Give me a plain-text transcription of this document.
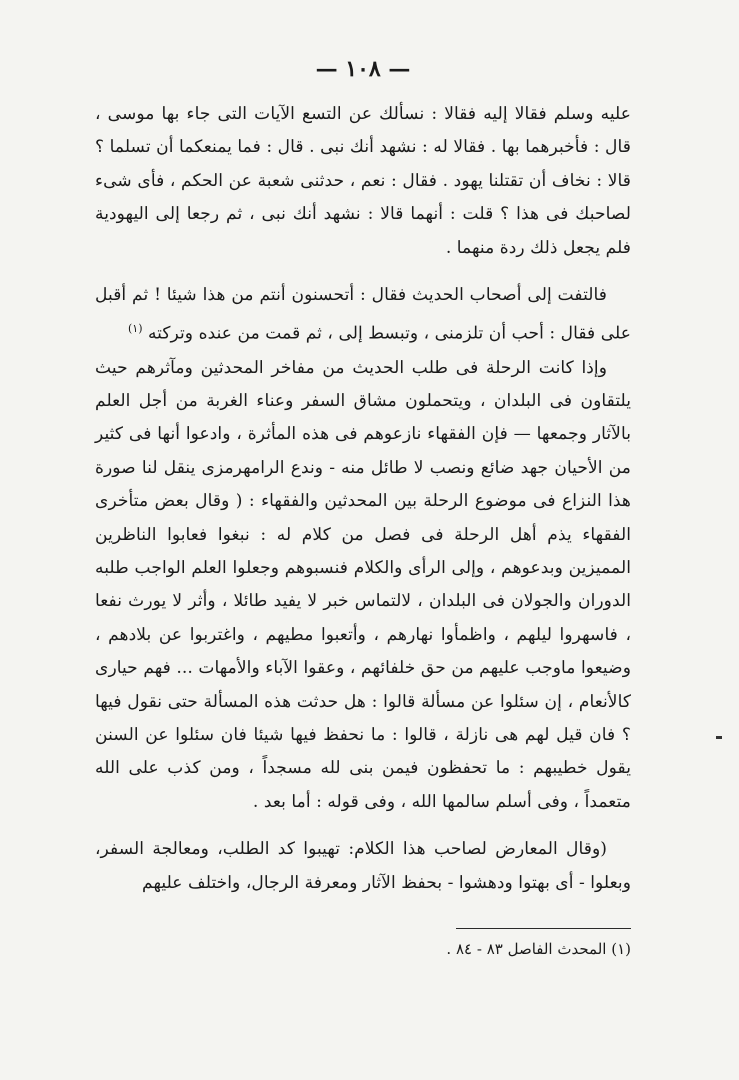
— ١٠٨ —

عليه وسلم فقالا إليه فقالا : نسألك عن التسع الآيات التى جاء بها موسى ، قال : فأخبرهما بها . فقالا له : نشهد أنك نبى . قال : فما يمنعكما أن تسلما ؟ قالا : نخاف أن تقتلنا يهود . فقال : نعم ، حدثنى شعبة عن الحكم ، فأى شىء لصاحبك فى هذا ؟ قلت : أنهما قالا : نشهد أنك نبى ، ثم رجعا إلى اليهودية فلم يجعل ذلك ردة منهما .

فالتفت إلى أصحاب الحديث فقال : أتحسنون أنتم من هذا شيئا ! ثم أقبل على فقال : أحب أن تلزمنى ، وتبسط إلى ، ثم قمت من عنده وتركته $^{(١)}$

وإذا كانت الرحلة فى طلب الحديث من مفاخر المحدثين ومآثرهم حيث يلتقاون فى البلدان ، ويتحملون مشاق السفر وعناء الغربة من أجل العلم بالآثار وجمعها — فإن الفقهاء نازعوهم فى هذه المأثرة ، وادعوا أنها فى كثير من الأحيان جهد ضائع ونصب لا طائل منه - وندع الرامهرمزى ينقل لنا صورة هذا النزاع فى موضوع الرحلة بين المحدثين والفقهاء : ( وقال بعض متأخرى الفقهاء يذم أهل الرحلة فى فصل من كلام له : نبغوا فعابوا الناظرين المميزين وبدعوهم ، وإلى الرأى والكلام فنسبوهم وجعلوا العلم الواجب طلبه الدوران والجولان فى البلدان ، لالتماس خبر لا يفيد طائلا ، وأثر لا يورث نفعا ، فاسهروا ليلهم ، واظمأوا نهارهم ، وأتعبوا مطيهم ، واغتربوا عن بلادهم ، وضيعوا ماوجب عليهم من حق خلفائهم ، وعقوا الآباء والأمهات ... فهم حيارى كالأنعام ، إن سئلوا عن مسألة قالوا : هل حدثت هذه المسألة حتى نقول فيها ؟ فان قيل لهم هى نازلة ، قالوا : ما نحفظ فيها شيئا فان سئلوا عن السنن يقول خطيبهم : ما تحفظون فيمن بنى لله مسجداً ، ومن كذب على الله متعمداً ، وفى أسلم سالمها الله ، وفى قوله : أما بعد .

(وقال المعارض لصاحب هذا الكلام: تهيبوا كد الطلب، ومعالجة السفر، وبعلوا - أى بهتوا ودهشوا - بحفظ الآثار ومعرفة الرجال، واختلف عليهم

(١) المحدث الفاصل ٨٣ - ٨٤ .
